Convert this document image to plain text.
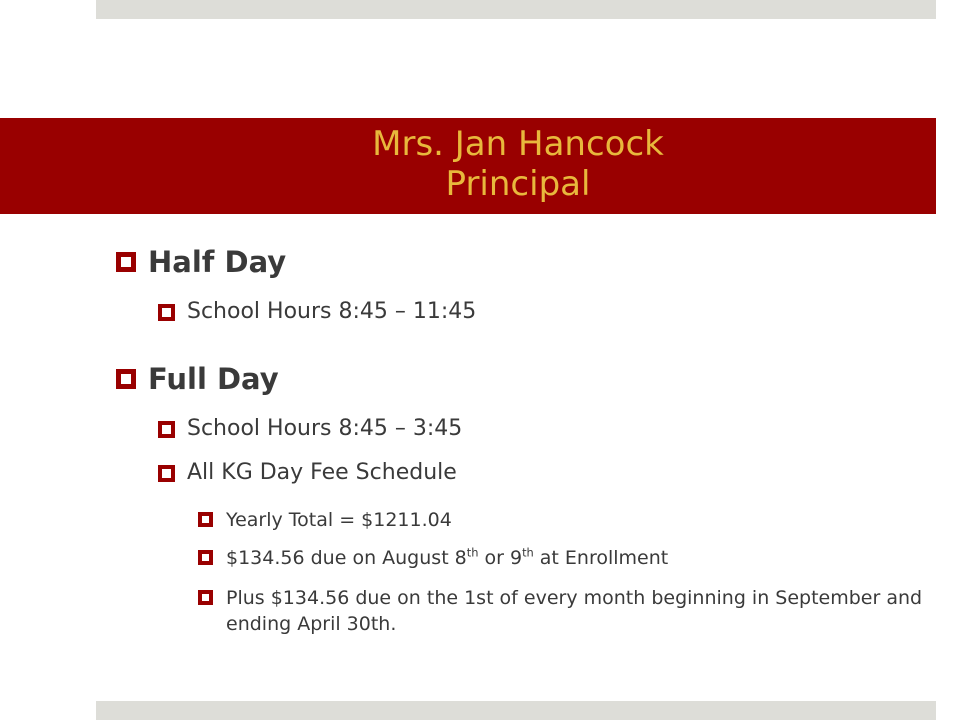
Mrs. Jan Hancock
Principal
Half Day
School Hours 8:45 – 11:45
Full Day
School Hours 8:45 – 3:45
All KG Day Fee Schedule
Yearly Total = $1211.04
$134.56 due on August 8th or 9th at Enrollment
Plus $134.56 due on the 1st of every month beginning in September and ending April 30th.
